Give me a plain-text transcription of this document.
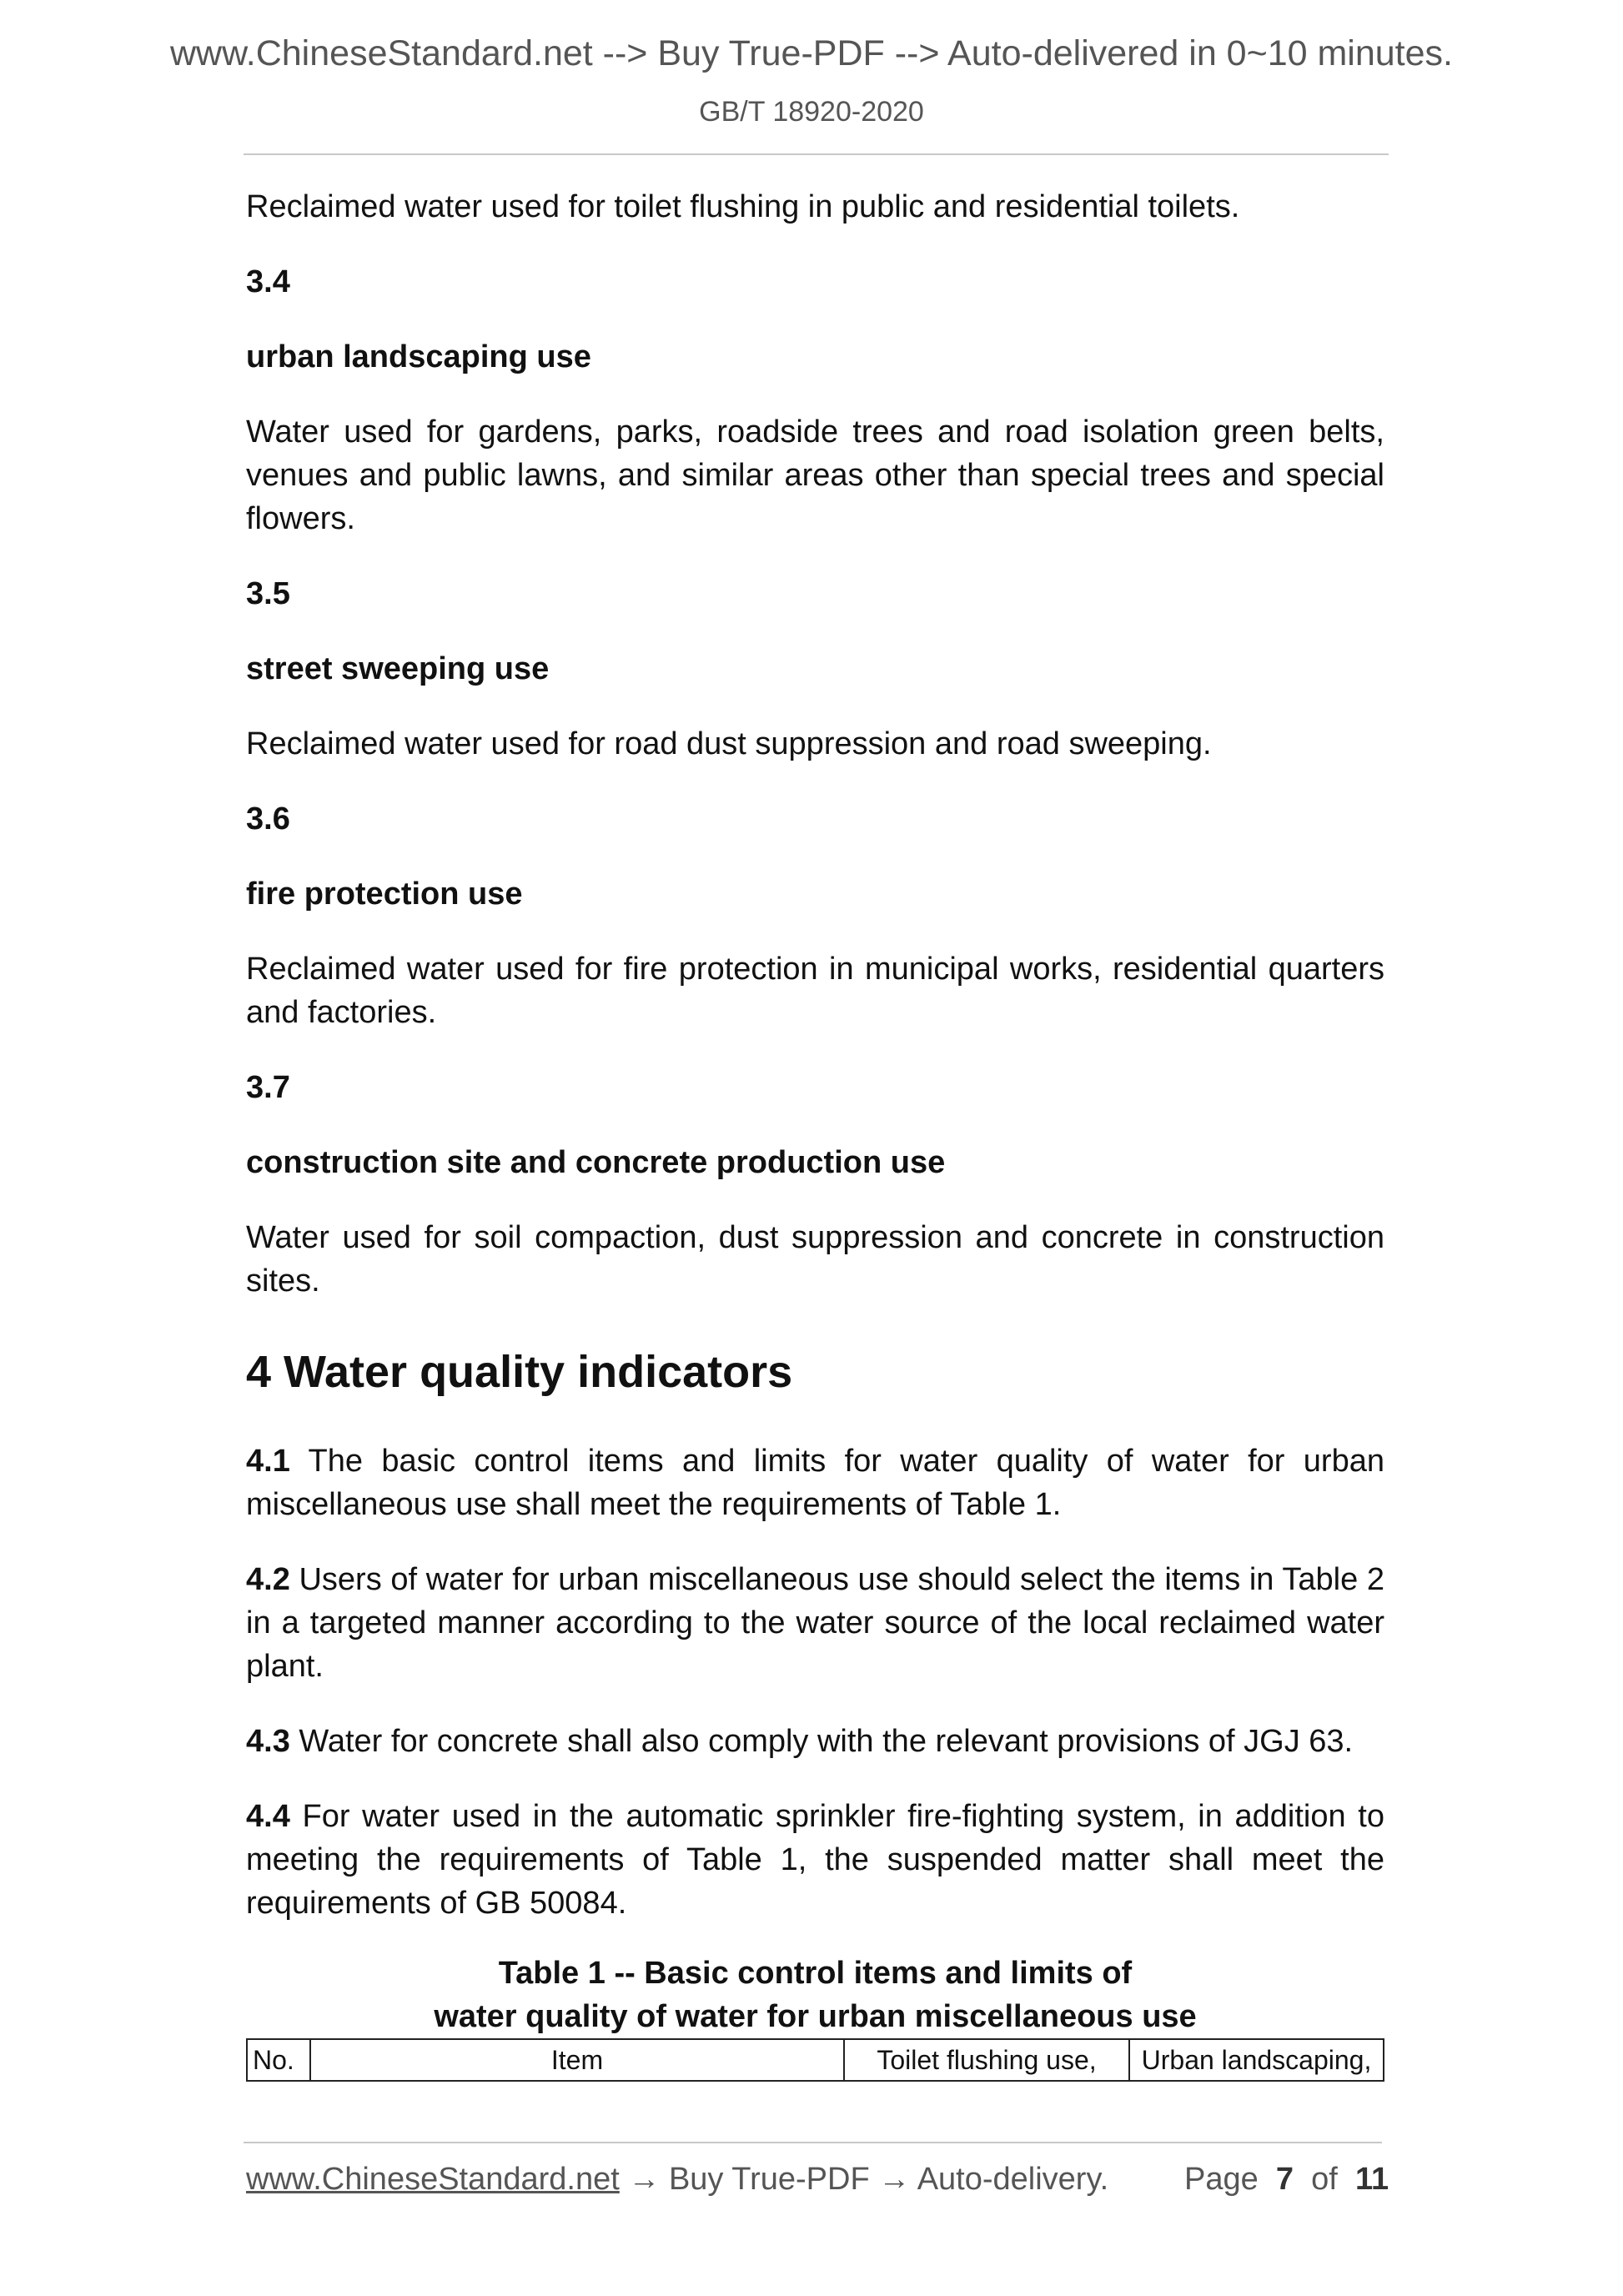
www.ChineseStandard.net --> Buy True-PDF --> Auto-delivered in 0~10 minutes.
GB/T 18920-2020

Reclaimed water used for toilet flushing in public and residential toilets.

3.4

urban landscaping use

Water used for gardens, parks, roadside trees and road isolation green belts, venues and public lawns, and similar areas other than special trees and special flowers.

3.5

street sweeping use

Reclaimed water used for road dust suppression and road sweeping.

3.6

fire protection use

Reclaimed water used for fire protection in municipal works, residential quarters and factories.

3.7

construction site and concrete production use

Water used for soil compaction, dust suppression and concrete in construction sites.

4 Water quality indicators

4.1 The basic control items and limits for water quality of water for urban miscellaneous use shall meet the requirements of Table 1.

4.2 Users of water for urban miscellaneous use should select the items in Table 2 in a targeted manner according to the water source of the local reclaimed water plant.

4.3 Water for concrete shall also comply with the relevant provisions of JGJ 63.

4.4 For water used in the automatic sprinkler fire-fighting system, in addition to meeting the requirements of Table 1, the suspended matter shall meet the requirements of GB 50084.

Table 1 -- Basic control items and limits of

water quality of water for urban miscellaneous use

No.	Item	Toilet flushing use,	Urban landscaping,
www.ChineseStandard.net → Buy True-PDF → Auto-delivery. Page 7 of 11
